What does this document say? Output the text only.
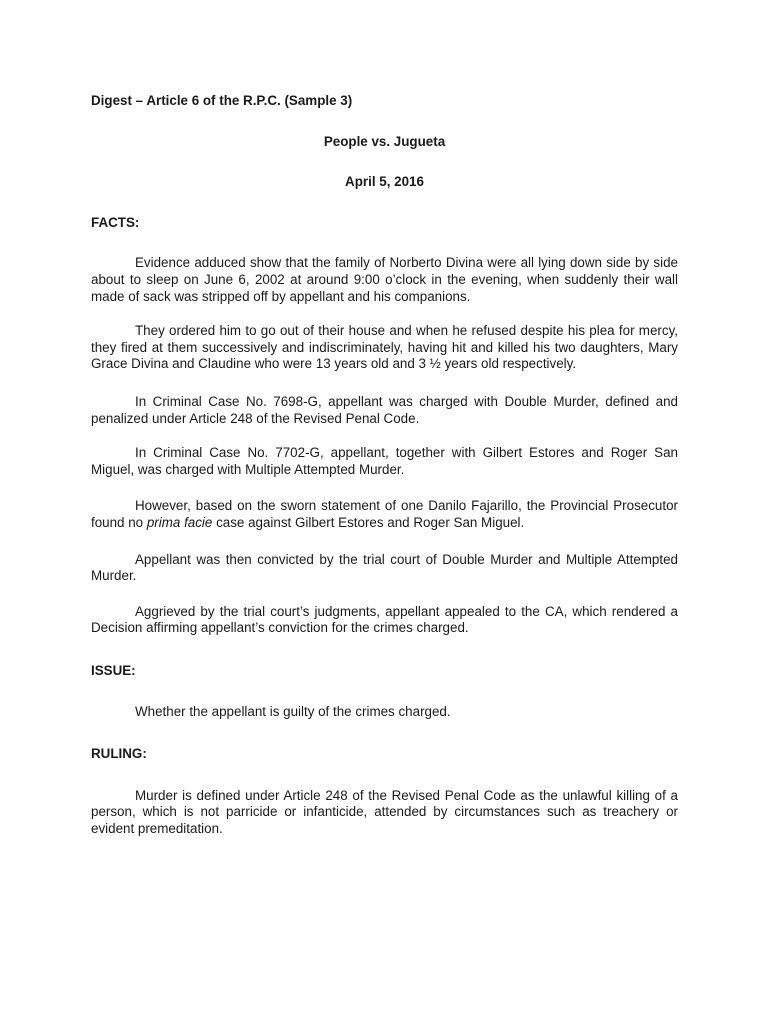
Digest – Article 6 of the R.P.C. (Sample 3)

People vs. Jugueta

April 5, 2016

FACTS:

Evidence adduced show that the family of Norberto Divina were all lying down side by side about to sleep on June 6, 2002 at around 9:00 o’clock in the evening, when suddenly their wall made of sack was stripped off by appellant and his companions.

They ordered him to go out of their house and when he refused despite his plea for mercy, they fired at them successively and indiscriminately, having hit and killed his two daughters, Mary Grace Divina and Claudine who were 13 years old and 3 ½ years old respectively.

In Criminal Case No. 7698-G, appellant was charged with Double Murder, defined and penalized under Article 248 of the Revised Penal Code.

In Criminal Case No. 7702-G, appellant, together with Gilbert Estores and Roger San Miguel, was charged with Multiple Attempted Murder.

However, based on the sworn statement of one Danilo Fajarillo, the Provincial Prosecutor found no prima facie case against Gilbert Estores and Roger San Miguel.

Appellant was then convicted by the trial court of Double Murder and Multiple Attempted Murder.

Aggrieved by the trial court’s judgments, appellant appealed to the CA, which rendered a Decision affirming appellant’s conviction for the crimes charged.

ISSUE:

Whether the appellant is guilty of the crimes charged.

RULING:

Murder is defined under Article 248 of the Revised Penal Code as the unlawful killing of a person, which is not parricide or infanticide, attended by circumstances such as treachery or evident premeditation.
